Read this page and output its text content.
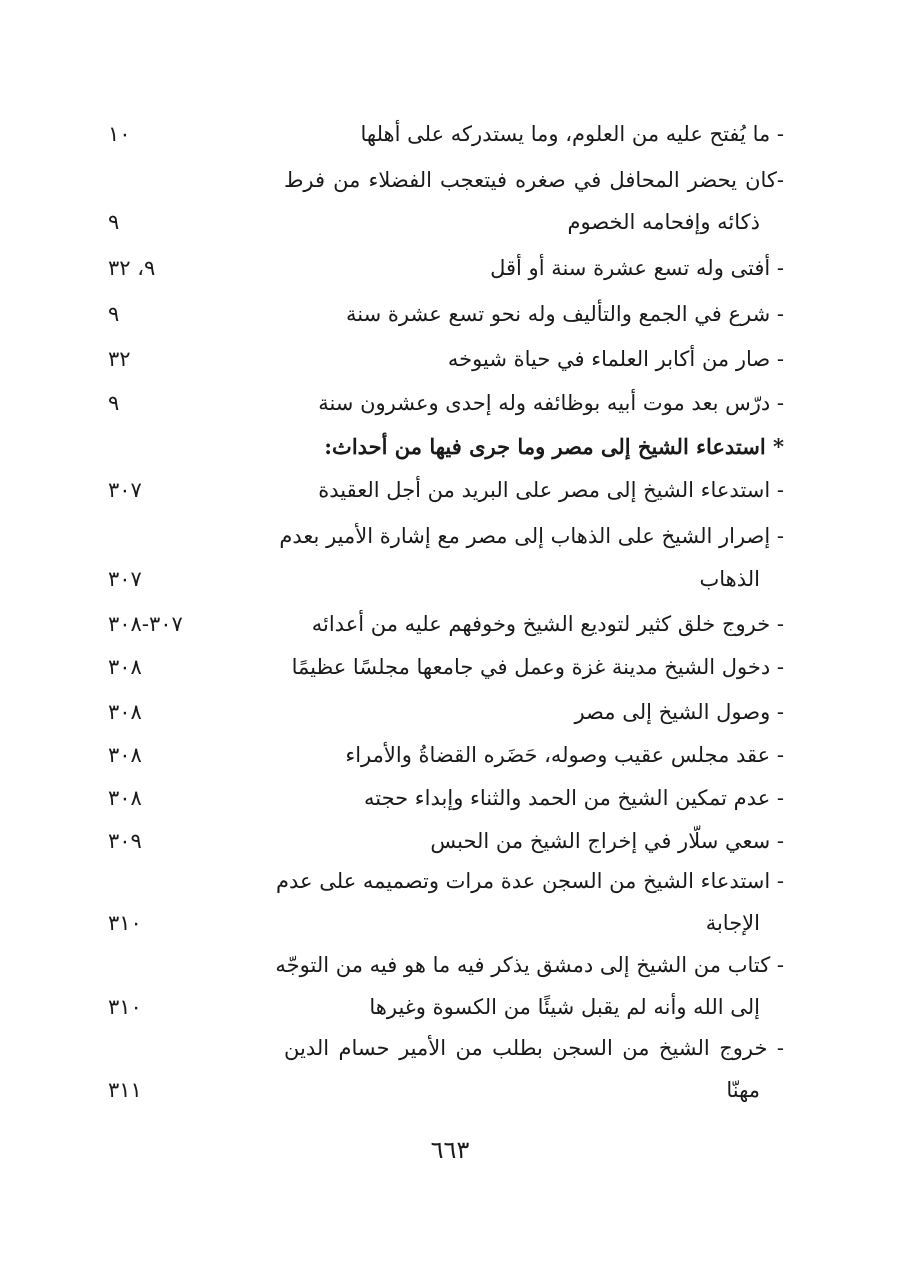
- ما يُفتح عليه من العلوم، وما يستدركه على أهلها
١٠
-كان يحضر المحافل في صغره فيتعجب الفضلاء من فرط
ذكائه وإفحامه الخصوم
٩
- أفتى وله تسع عشرة سنة أو أقل
٩، ٣٢
- شرع في الجمع والتأليف وله نحو تسع عشرة سنة
٩
- صار من أكابر العلماء في حياة شيوخه
٣٢
- درّس بعد موت أبيه بوظائفه وله إحدى وعشرون سنة
٩
* استدعاء الشيخ إلى مصر وما جرى فيها من أحداث:
- استدعاء الشيخ إلى مصر على البريد من أجل العقيدة
٣٠٧
- إصرار الشيخ على الذهاب إلى مصر مع إشارة الأمير بعدم
الذهاب
٣٠٧
- خروج خلق كثير لتوديع الشيخ وخوفهم عليه من أعدائه
٣٠٧-٣٠٨
- دخول الشيخ مدينة غزة وعمل في جامعها مجلسًا عظيمًا
٣٠٨
- وصول الشيخ إلى مصر
٣٠٨
- عقد مجلس عقيب وصوله، حَضَره القضاةُ والأمراء
٣٠٨
- عدم تمكين الشيخ من الحمد والثناء وإبداء حجته
٣٠٨
- سعي سلّار في إخراج الشيخ من الحبس
٣٠٩
- استدعاء الشيخ من السجن عدة مرات وتصميمه على عدم
الإجابة
٣١٠
- كتاب من الشيخ إلى دمشق يذكر فيه ما هو فيه من التوجّه
إلى الله وأنه لم يقبل شيئًا من الكسوة وغيرها
٣١٠
- خروج الشيخ من السجن بطلب من الأمير حسام الدين
مهنّا
٣١١
٦٦٣
